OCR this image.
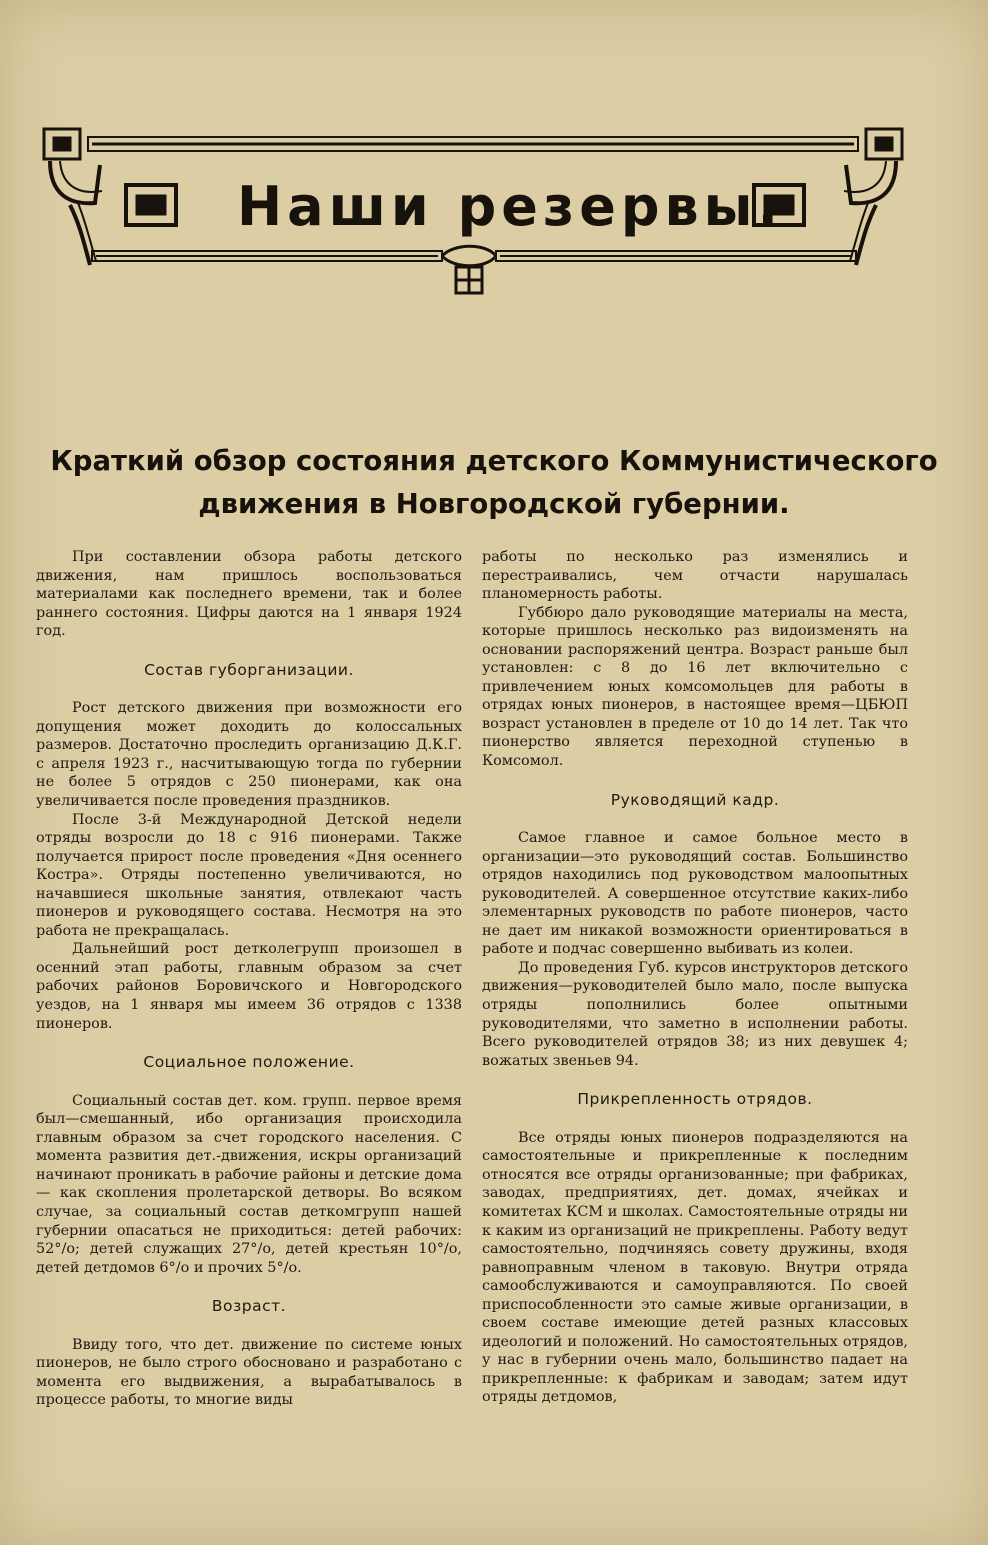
Наши резервы.
Краткий обзор состояния детского Коммунистического
движения в Новгородской губернии.

При составлении обзора работы детского движения, нам пришлось воспользоваться материалами как последнего времени, так и более раннего состояния. Цифры даются на 1 января 1924 год.

Состав губорганизации.

Рост детского движения при возможности его допущения может доходить до колоссальных размеров. Достаточно проследить организацию Д.К.Г. с апреля 1923 г., насчитывающую тогда по губернии не более 5 отрядов с 250 пионерами, как она увеличивается после проведения праздников.

После 3-й Международной Детской недели отряды возросли до 18 с 916 пионерами. Также получается прирост после проведения «Дня осеннего Костра». Отряды постепенно увеличиваются, но начавшиеся школьные занятия, отвлекают часть пионеров и руководящего состава. Несмотря на это работа не прекращалась.

Дальнейший рост детколегрупп произошел в осенний этап работы, главным образом за счет рабочих районов Боровичского и Новгородского уездов, на 1 января мы имеем 36 отрядов с 1338 пионеров.

Социальное положение.

Социальный состав дет. ком. групп. первое время был—смешанный, ибо организация происходила главным образом за счет городского населения. С момента развития дет.-движения, искры организаций начинают проникать в рабочие районы и детские дома — как скопления пролетарской детворы. Во всяком случае, за социальный состав деткомгрупп нашей губернии опасаться не приходиться: детей рабочих: 52°/о; детей служащих 27°/о, детей крестьян 10°/о, детей детдомов 6°/о и прочих 5°/о.

Возраст.

Ввиду того, что дет. движение по системе юных пионеров, не было строго обосновано и разработано с момента его выдвижения, а вырабатывалось в процессе работы, то многие виды

работы по несколько раз изменялись и перестраивались, чем отчасти нарушалась планомерность работы.

Губбюро дало руководящие материалы на места, которые пришлось несколько раз видоизменять на основании распоряжений центра. Возраст раньше был установлен: с 8 до 16 лет включительно с привлечением юных комсомольцев для работы в отрядах юных пионеров, в настоящее время—ЦБЮП возраст установлен в пределе от 10 до 14 лет. Так что пионерство является переходной ступенью в Комсомол.

Руководящий кадр.

Самое главное и самое больное место в организации—это руководящий состав. Большинство отрядов находились под руководством малоопытных руководителей. А совершенное отсутствие каких-либо элементарных руководств по работе пионеров, часто не дает им никакой возможности ориентироваться в работе и подчас совершенно выбивать из колеи.

До проведения Губ. курсов инструкторов детского движения—руководителей было мало, после выпуска отряды пополнились более опытными руководителями, что заметно в исполнении работы. Всего руководителей отрядов 38; из них девушек 4; вожатых звеньев 94.

Прикрепленность отрядов.

Все отряды юных пионеров подразделяются на самостоятельные и прикрепленные к последним относятся все отряды организованные; при фабриках, заводах, предприятиях, дет. домах, ячейках и комитетах КСМ и школах. Самостоятельные отряды ни к каким из организаций не прикреплены. Работу ведут самостоятельно, подчиняясь совету дружины, входя равноправным членом в таковую. Внутри отряда самообслуживаются и самоуправляются. По своей приспособленности это самые живые организации, в своем составе имеющие детей разных классовых идеологий и положений. Но самостоятельных отрядов, у нас в губернии очень мало, большинство падает на прикрепленные: к фабрикам и заводам; затем идут отряды детдомов,
